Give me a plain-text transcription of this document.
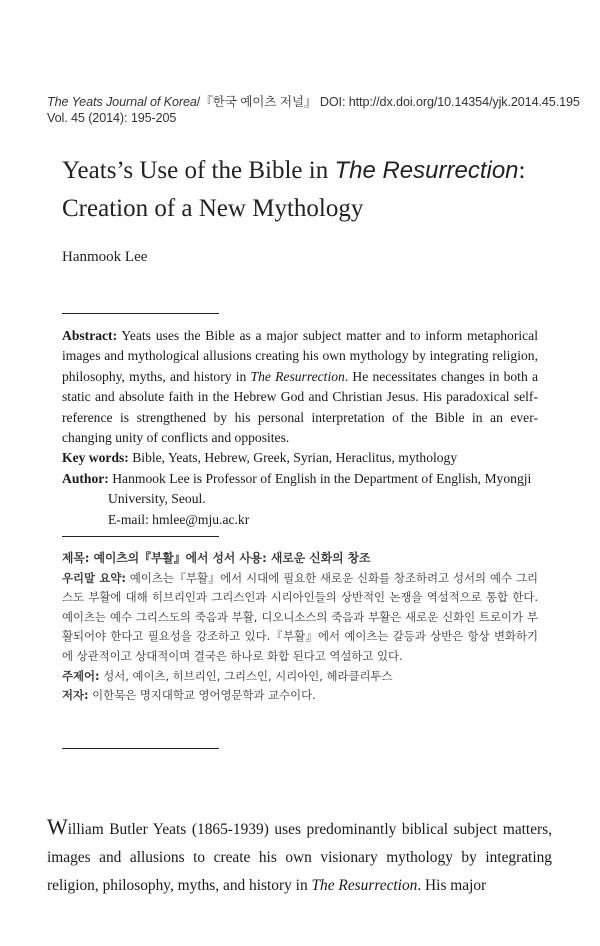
The Yeats Journal of Korea/『한국 예이츠 저널』 DOI: http://dx.doi.org/10.14354/yjk.2014.45.195
Vol. 45 (2014): 195-205
Yeats’s Use of the Bible in The Resurrection:
Creation of a New Mythology
Hanmook Lee

Abstract: Yeats uses the Bible as a major subject matter and to inform metaphorical images and mythological allusions creating his own mythology by integrating religion, philosophy, myths, and history in The Resurrection. He necessitates changes in both a static and absolute faith in the Hebrew God and Christian Jesus. His paradoxical self-reference is strengthened by his personal interpretation of the Bible in an ever-changing unity of conflicts and opposites.

Key words: Bible, Yeats, Hebrew, Greek, Syrian, Heraclitus, mythology

Author: Hanmook Lee is Professor of English in the Department of English, Myongji

University, Seoul.

E-mail: hmlee@mju.ac.kr

제목: 예이츠의『부활』에서 성서 사용: 새로운 신화의 창조

우리말 요약: 예이츠는『부활』에서 시대에 필요한 새로운 신화를 창조하려고 성서의 예수 그리스도 부활에 대해 히브리인과 그리스인과 시리아인들의 상반적인 논쟁을 역설적으로 통합 한다. 예이츠는 예수 그리스도의 죽음과 부활, 디오니소스의 죽음과 부활은 새로운 신화인 트로이가 부활되어야 한다고 필요성을 강조하고 있다.『부활』에서 예이츠는 갈등과 상반은 항상 변화하기에 상관적이고 상대적이며 결국은 하나로 화합 된다고 역설하고 있다.

주제어: 성서, 예이츠, 히브리인, 그리스인, 시리아인, 헤라클리투스

저자: 이한묵은 명지대학교 영어영문학과 교수이다.

William Butler Yeats (1865-1939) uses predominantly biblical subject matters, images and allusions to create his own visionary mythology by integrating religion, philosophy, myths, and history in The Resurrection. His major
